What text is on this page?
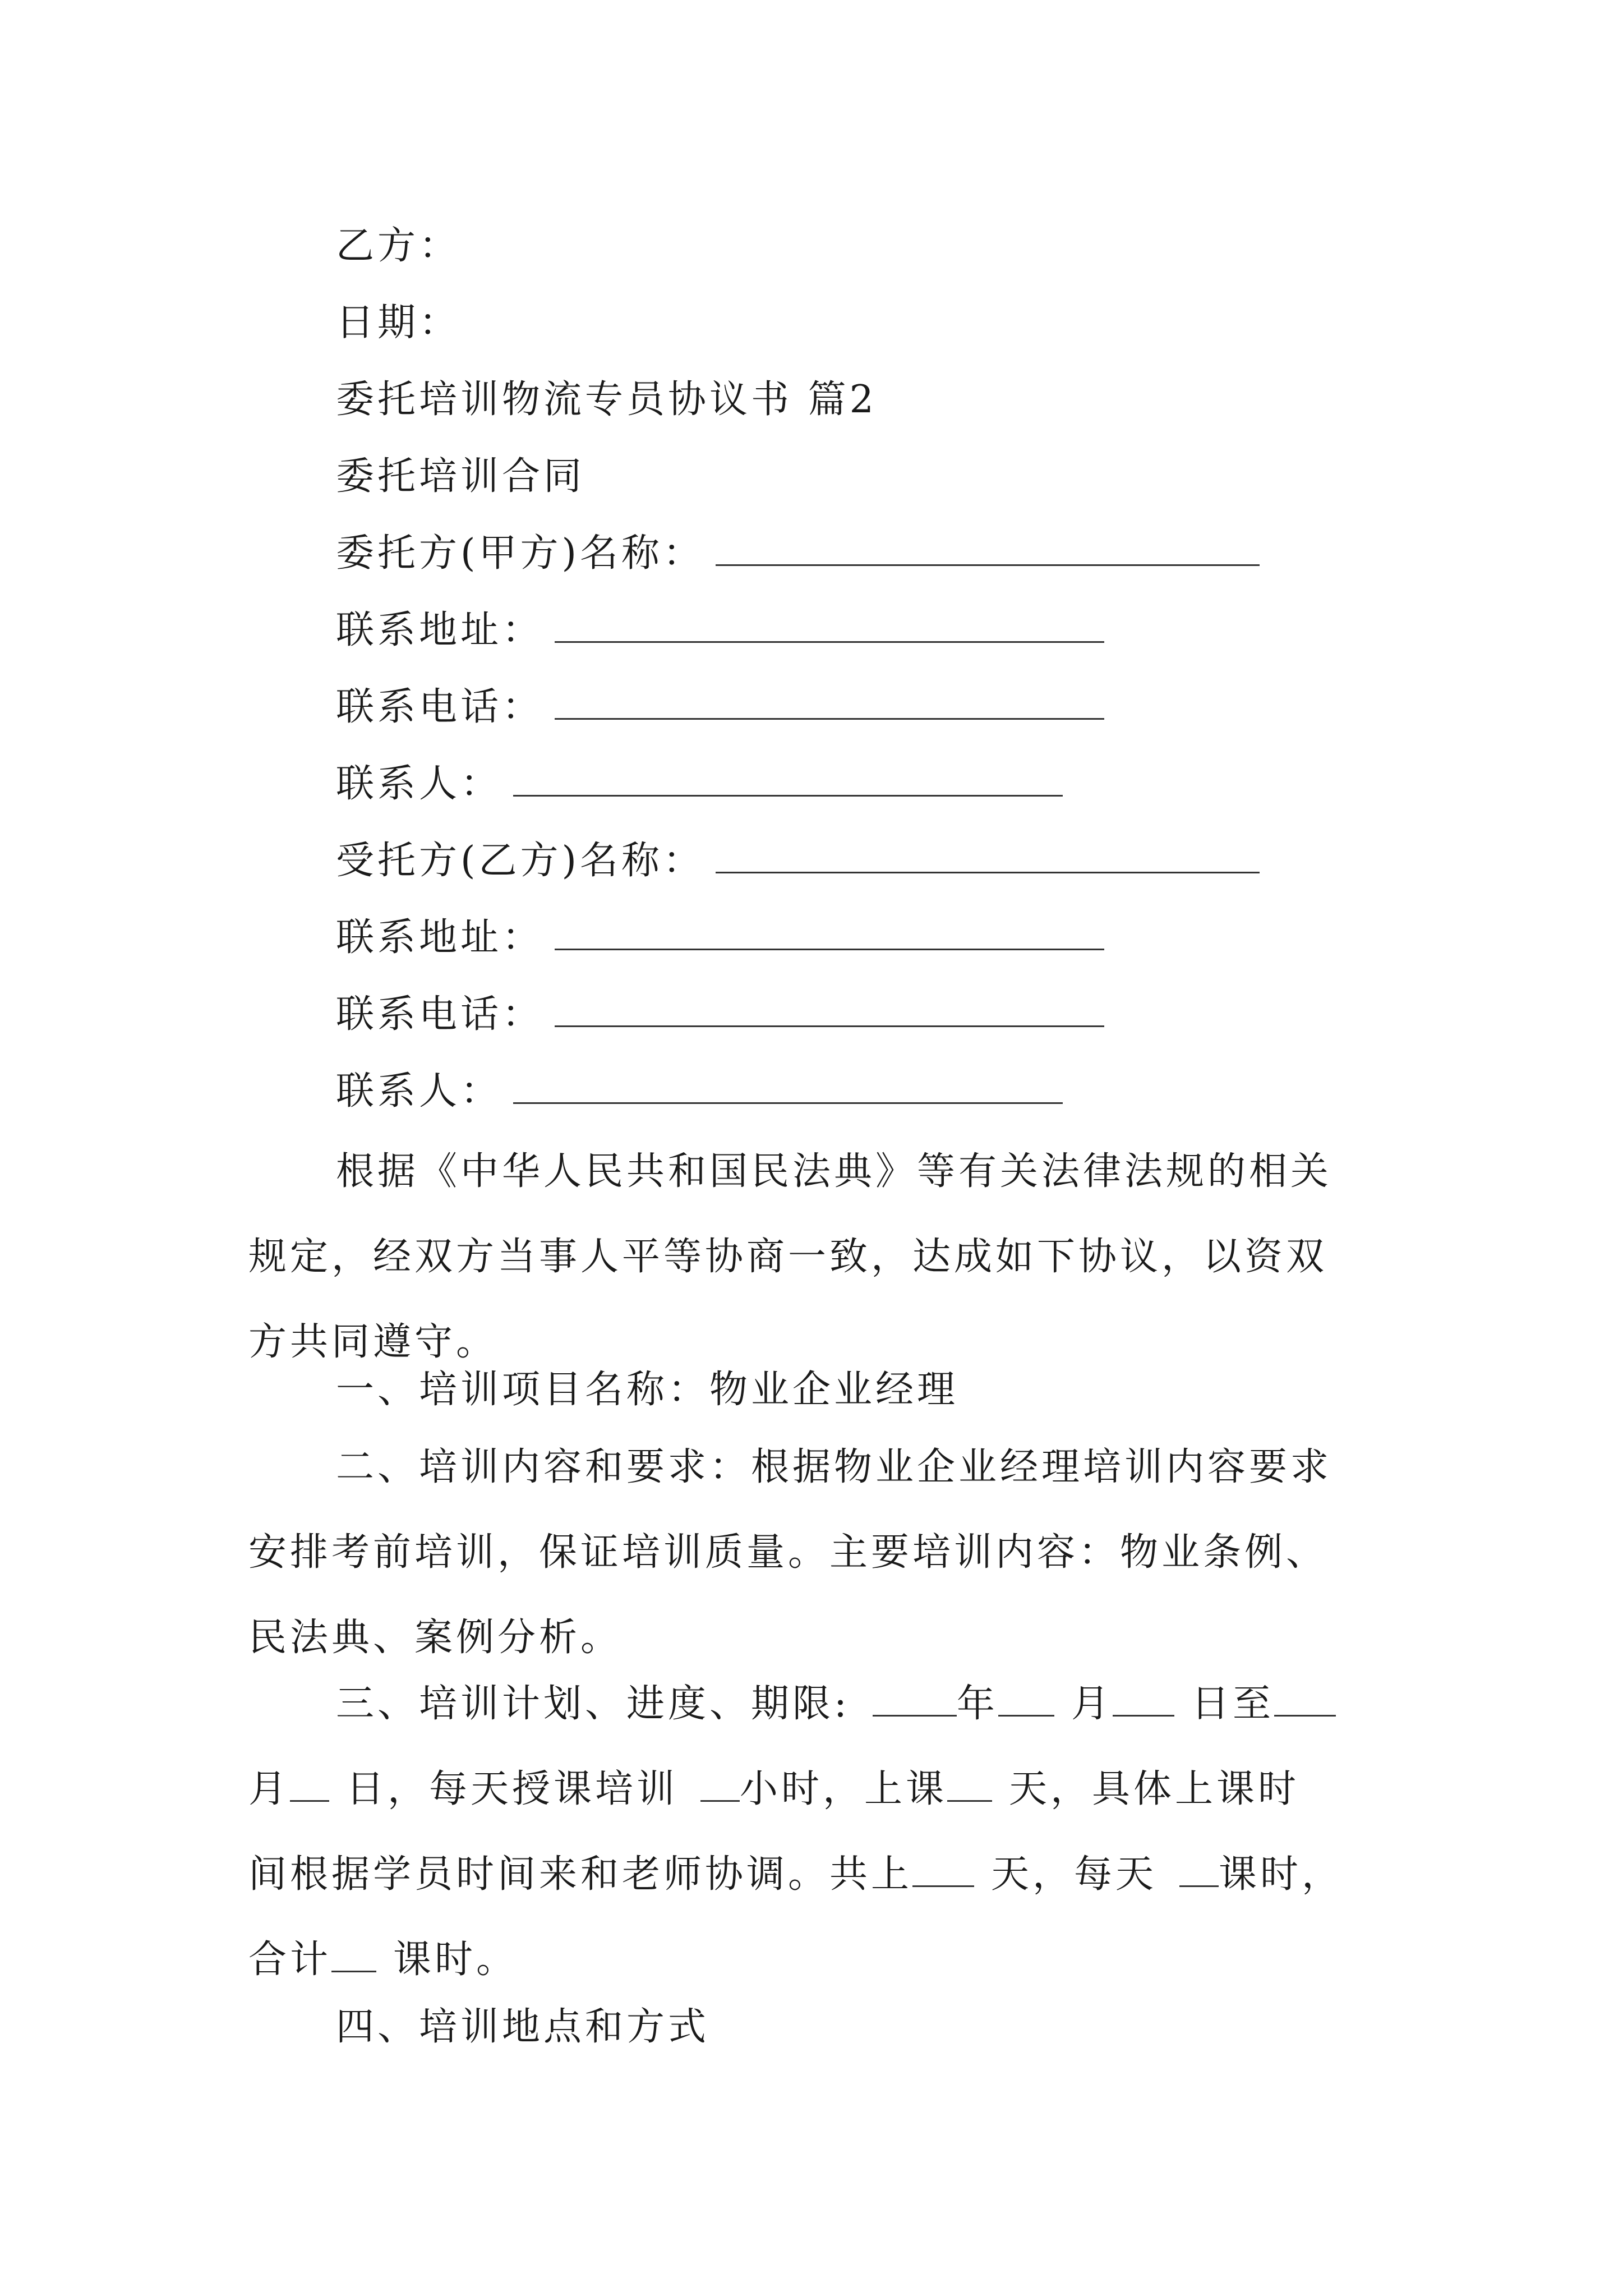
乙方：
日期：
委托培训物流专员协议书 篇2
委托培训合同
委托方(甲方)名称：
联系地址：
联系电话：
联系人：
受托方(乙方)名称：
联系地址：
联系电话：
联系人：
根据《中华人民共和国民法典》等有关法律法规的相关
规定，经双方当事人平等协商一致，达成如下协议，以资双
方共同遵守。
一、培训项目名称：物业企业经理
二、培训内容和要求：根据物业企业经理培训内容要求
安排考前培训，保证培训质量。主要培训内容：物业条例、
民法典、案例分析。
三、培训计划、进度、期限:	年 月 日至
月 日，每天授课培训 小时，上课 天，具体上课时
间根据学员时间来和老师协调。共上 天，每天 课时，
合计 课时。
四、培训地点和方式
